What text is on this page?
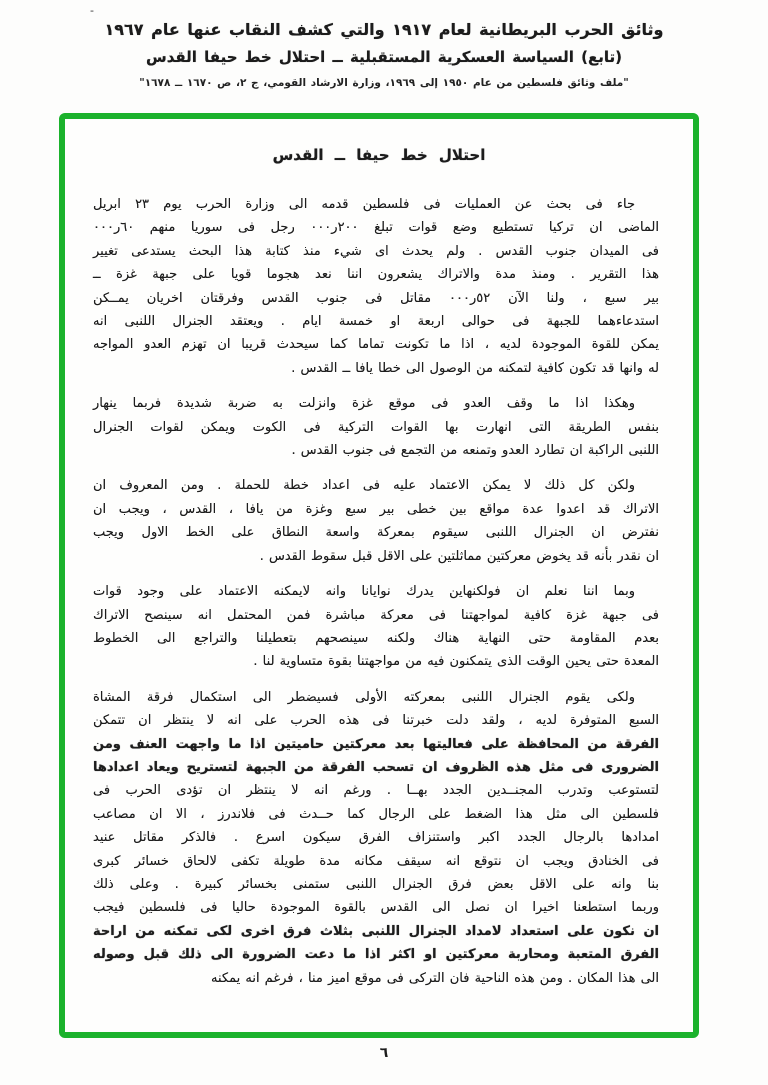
-
وثائق الحرب البريطانية لعام ١٩١٧ والتي كشف النقاب عنها عام ١٩٦٧
(تابع) السياسة العسكرية المستقبلية ــ احتلال خط حيفا القدس
"ملف وثائق فلسطين من عام ١٩٥٠ إلى ١٩٦٩، وزارة الارشاد القومي، ج ٢، ص ١٦٧٠ ــ ١٦٧٨"
احتلال خط حيفا ــ القدس
جاء فى بحث عن العمليات فى فلسطين قدمه الى وزارة الحرب يوم ٢٣ ابريل
الماضى ان تركيا تستطيع وضع قوات تبلغ ٢٠٠ر٠٠٠ رجل فى سوريا منهم ٦٠ر٠٠٠
فى الميدان جنوب القدس . ولم يحدث اى شيء منذ كتابة هذا البحث يستدعى تغيير
هذا التقرير . ومنذ مدة والاتراك يشعرون اننا نعد هجوما قويا على جبهة غزة ــ
بير سبع ، ولنا الآن ٥٢ر٠٠٠ مقاتل فى جنوب القدس وفرقتان اخريان يمــكن
استدعاءهما للجبهة فى حوالى اربعة او خمسة ايام . ويعتقد الجنرال اللنبى انه
يمكن للقوة الموجودة لديه ، اذا ما تكونت تماما كما سيحدث قريبا ان تهزم العدو المواجه
له وانها قد تكون كافية لتمكنه من الوصول الى خطا يافا ــ القدس .
وهكذا اذا ما وقف العدو فى موقع غزة وانزلت به ضربة شديدة فربما ينهار
بنفس الطريقة التى انهارت بها القوات التركية فى الكوت ويمكن لقوات الجنرال
اللنبى الراكبة ان تطارد العدو وتمنعه من التجمع فى جنوب القدس .
ولكن كل ذلك لا يمكن الاعتماد عليه فى اعداد خطة للحملة . ومن المعروف ان
الاتراك قد اعدوا عدة مواقع بين خطى بير سبع وغزة من يافا ، القدس ، ويجب ان
نفترض ان الجنرال اللنبى سيقوم بمعركة واسعة النطاق على الخط الاول ويجب
ان نقدر بأنه قد يخوض معركتين مماثلتين على الاقل قبل سقوط القدس .
وبما اننا نعلم ان فولكنهاين يدرك نوايانا وانه لايمكنه الاعتماد على وجود قوات
فى جبهة غزة كافية لمواجهتنا فى معركة مباشرة فمن المحتمل انه سينصح الاتراك
بعدم المقاومة حتى النهاية هناك ولكنه سينصحهم بتعطيلنا والتراجع الى الخطوط
المعدة حتى يحين الوقت الذى يتمكنون فيه من مواجهتنا بقوة متساوية لنا .
ولكى يقوم الجنرال اللنبى بمعركته الأولى فسيضطر الى استكمال فرقة المشاة
السبع المتوفرة لديه ، ولقد دلت خبرتنا فى هذه الحرب على انه لا ينتظر ان تتمكن
الفرقة من المحافظة على فعاليتها بعد معركتين حاميتين اذا ما واجهت العنف ومن
الضرورى فى مثل هذه الظروف ان تسحب الفرقة من الجبهة لتستريح ويعاد اعدادها
لتستوعب وتدرب المجنــدين الجدد بهــا . ورغم انه لا ينتظر ان تؤدى الحرب فى
فلسطين الى مثل هذا الضغط على الرجال كما حــدث فى فلاندرز ، الا ان مصاعب
امدادها بالرجال الجدد اكبر واستنزاف الفرق سيكون اسرع . فالذكر مقاتل عنيد
فى الخنادق ويجب ان نتوقع انه سيقف مكانه مدة طويلة تكفى لالحاق خسائر كبرى
بنا وانه على الاقل بعض فرق الجنرال اللنبى ستمنى بخسائر كبيرة . وعلى ذلك
وربما استطعنا اخيرا ان نصل الى القدس بالقوة الموجودة حاليا فى فلسطين فيجب
ان نكون على استعداد لامداد الجنرال اللنبى بثلاث فرق اخرى لكى تمكنه من اراحة
الفرق المتعبة ومحاربة معركتين او اكثر اذا ما دعت الضرورة الى ذلك قبل وصوله
الى هذا المكان . ومن هذه الناحية فان التركى فى موقع اميز منا ، فرغم انه يمكنه
٦
